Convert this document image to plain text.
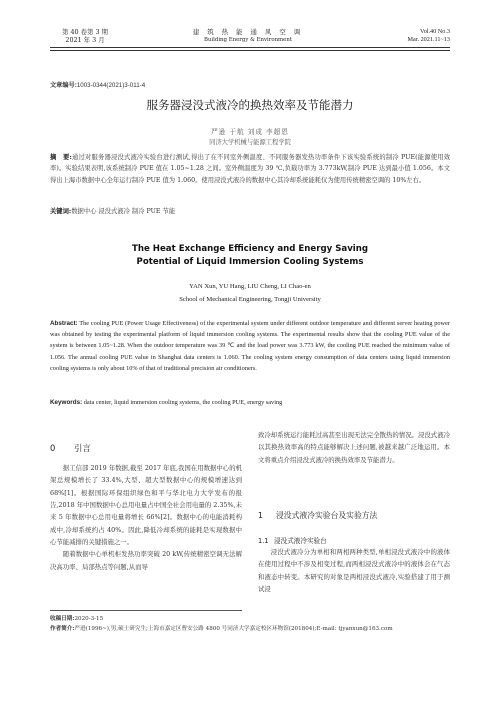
第 40 卷第 3 期
2021 年 3 月
建 筑 热 能 通 风 空 调
Building Energy & Environment
Vol.40 No.3
Mar. 2021.11~13
文章编号:1003-0344(2021)3-011-4
服务器浸没式液冷的换热效率及节能潜力
严逊 于航 刘成 李超恩
同济大学机械与能源工程学院
摘　要:通过对服务器浸没式液冷实验台进行测试,得出了在不同室外侧温度、不同服务器发热功率条件下该实验系统的制冷 PUE(能源使用效率)。实验结果表明,该系统制冷 PUE 值在 1.05~1.28 之间。室外侧温度为 39 ℃,负载功率为 3.773kW,制冷 PUE 达到最小值 1.056。本文得出上海市数据中心全年运行制冷 PUE 值为 1.060。使用浸没式液冷的数据中心其冷却系统能耗仅为使用传统精密空调的 10%左右。
关键词:数据中心 浸没式液冷 制冷 PUE 节能
The Heat Exchange Efficiency and Energy Saving
Potential of Liquid Immersion Cooling Systems
YAN Xun, YU Hang, LIU Cheng, LI Chao-en
School of Mechanical Engineering, Tongji University
Abstract: The cooling PUE (Power Usage Effectiveness) of the experimental system under different outdoor temperature and different server heating power was obtained by testing the experimental platform of liquid immersion cooling systems. The experimental results show that the cooling PUE value of the system is between 1.05~1.28. When the outdoor temperature was 39 ℃ and the load power was 3.773 kW, the cooling PUE reached the minimum value of 1.056. The annual cooling PUE value in Shanghai data centers is 1.060. The cooling system energy consumption of data centers using liquid immersion cooling systems is only about 10% of that of traditional precision air conditioners.
Keywords: data center, liquid immersion cooling systems, the cooling PUE, energy saving
0 引言

据工信部 2019 年数据,截至 2017 年底,我国在用数据中心的机架总规模增长了 33.4%,大型、超大型数据中心的规模增速达到 68%[1]。根据国际环保组织绿色和平与华北电力大学发布的报告,2018 年中国数据中心总用电量占中国全社会用电量的 2.35%,未来 5 年数据中心总用电量将增长 66%[2]。数据中心的电能消耗构成中,冷却系统约占 40%。因此,降低冷却系统的能耗是实现数据中心节能减排的关键措施之一。

随着数据中心单机柜发热功率突破 20 kW,传统精密空调无法解决高功率、局部热点等问题,从而导

致冷却系统运行能耗过高甚至出现无法完全散热的情况。浸没式液冷以其换热效率高的特点能够解决上述问题,被越来越广泛地运用。本文将重点介绍浸没式液冷的换热效率及节能潜力。

1 浸没式液冷实验台及实验方法
1.1 浸没式液冷实验台

浸没式液冷分为单相和两相两种类型,单相浸没式液冷中的液体在使用过程中不涉及相变过程,而两相浸没式液冷中的液体会在气态和液态中转变。本研究的对象是两相浸没式液冷,实验搭建了用于测试浸

收稿日期:2020-3-15
作者简介:严逊(1996~),男,硕士研究生;上海市嘉定区曹安公路 4800 号同济大学嘉定校区环物馆(201804);E-mail: tjyanxun@163.com
